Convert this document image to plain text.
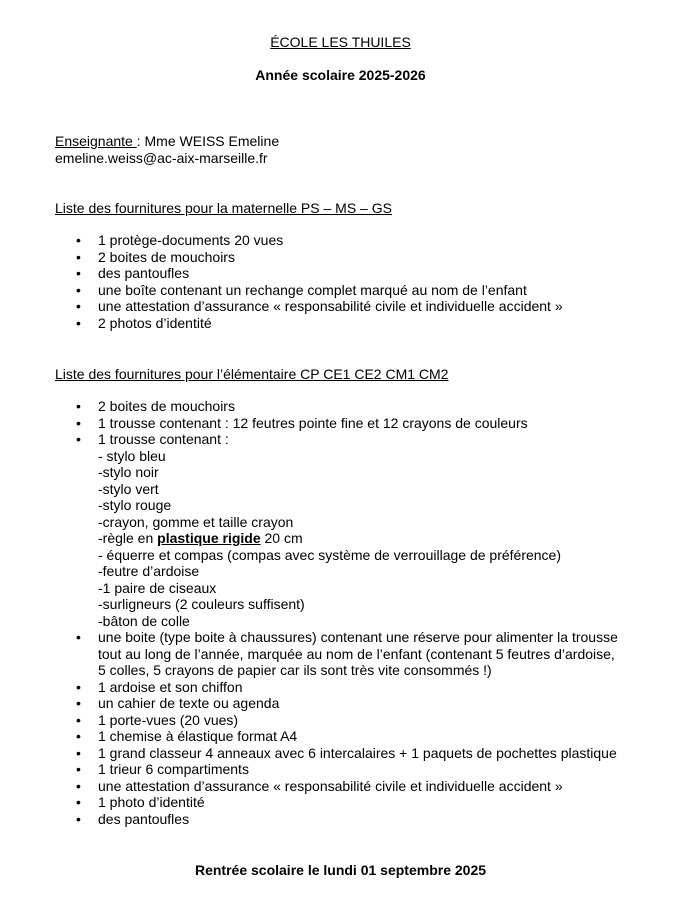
ÉCOLE LES THUILES
Année scolaire 2025-2026
Enseignante : Mme WEISS Emeline
emeline.weiss@ac-aix-marseille.fr
Liste des fournitures pour la maternelle PS – MS – GS
• 1 protège-documents 20 vues
• 2 boites de mouchoirs
• des pantoufles
• une boîte contenant un rechange complet marqué au nom de l’enfant
• une attestation d’assurance « responsabilité civile et individuelle accident »
• 2 photos d’identité
Liste des fournitures pour l’élémentaire CP CE1 CE2 CM1 CM2
• 2 boites de mouchoirs
• 1 trousse contenant : 12 feutres pointe fine et 12 crayons de couleurs
• 1 trousse contenant :
- stylo bleu
-stylo noir
-stylo vert
-stylo rouge
-crayon, gomme et taille crayon
-règle en plastique rigide 20 cm
- équerre et compas (compas avec système de verrouillage de préférence)
-feutre d’ardoise
-1 paire de ciseaux
-surligneurs (2 couleurs suffisent)
-bâton de colle
• une boite (type boite à chaussures) contenant une réserve pour alimenter la trousse
tout au long de l’année, marquée au nom de l’enfant (contenant 5 feutres d’ardoise,
5 colles, 5 crayons de papier car ils sont très vite consommés !)
• 1 ardoise et son chiffon
• un cahier de texte ou agenda
• 1 porte-vues (20 vues)
• 1 chemise à élastique format A4
• 1 grand classeur 4 anneaux avec 6 intercalaires + 1 paquets de pochettes plastique
• 1 trieur 6 compartiments
• une attestation d’assurance « responsabilité civile et individuelle accident »
• 1 photo d’identité
• des pantoufles
Rentrée scolaire le lundi 01 septembre 2025
